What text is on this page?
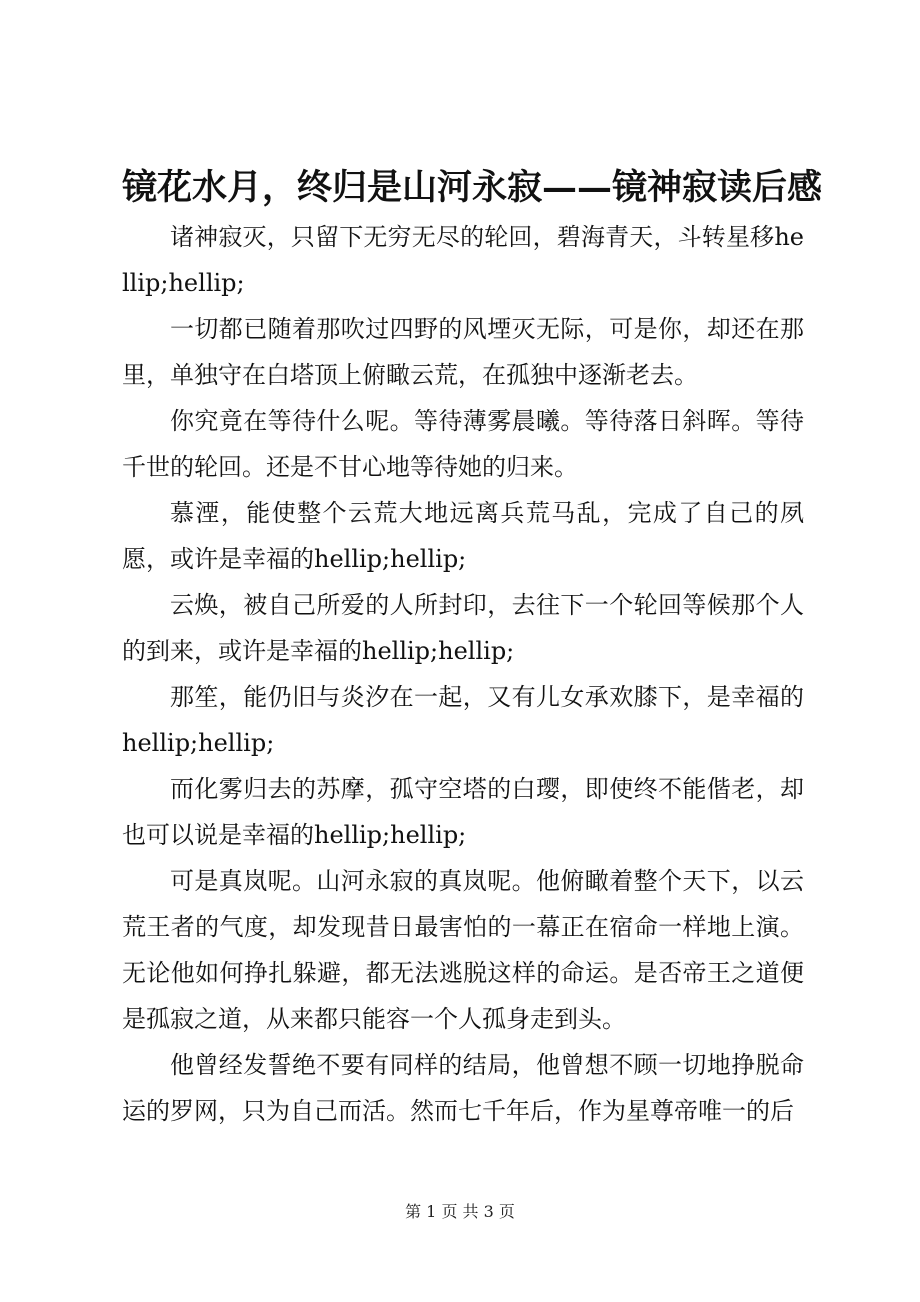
镜花水月，终归是山河永寂——镜神寂读后感

诸神寂灭，只留下无穷无尽的轮回，碧海青天，斗转星移hellip;hellip;

一切都已随着那吹过四野的风堙灭无际，可是你，却还在那里，单独守在白塔顶上俯瞰云荒，在孤独中逐渐老去。

你究竟在等待什么呢。等待薄雾晨曦。等待落日斜晖。等待千世的轮回。还是不甘心地等待她的归来。

慕湮，能使整个云荒大地远离兵荒马乱，完成了自己的夙愿，或许是幸福的hellip;hellip;

云焕，被自己所爱的人所封印，去往下一个轮回等候那个人的到来，或许是幸福的hellip;hellip;

那笙，能仍旧与炎汐在一起，又有儿女承欢膝下，是幸福的hellip;hellip;

而化雾归去的苏摩，孤守空塔的白璎，即使终不能偕老，却也可以说是幸福的hellip;hellip;

可是真岚呢。山河永寂的真岚呢。他俯瞰着整个天下，以云荒王者的气度，却发现昔日最害怕的一幕正在宿命一样地上演。无论他如何挣扎躲避，都无法逃脱这样的命运。是否帝王之道便是孤寂之道，从来都只能容一个人孤身走到头。

他曾经发誓绝不要有同样的结局，他曾想不顾一切地挣脱命运的罗网，只为自己而活。然而七千年后，作为星尊帝唯一的后

第 1 页 共 3 页
